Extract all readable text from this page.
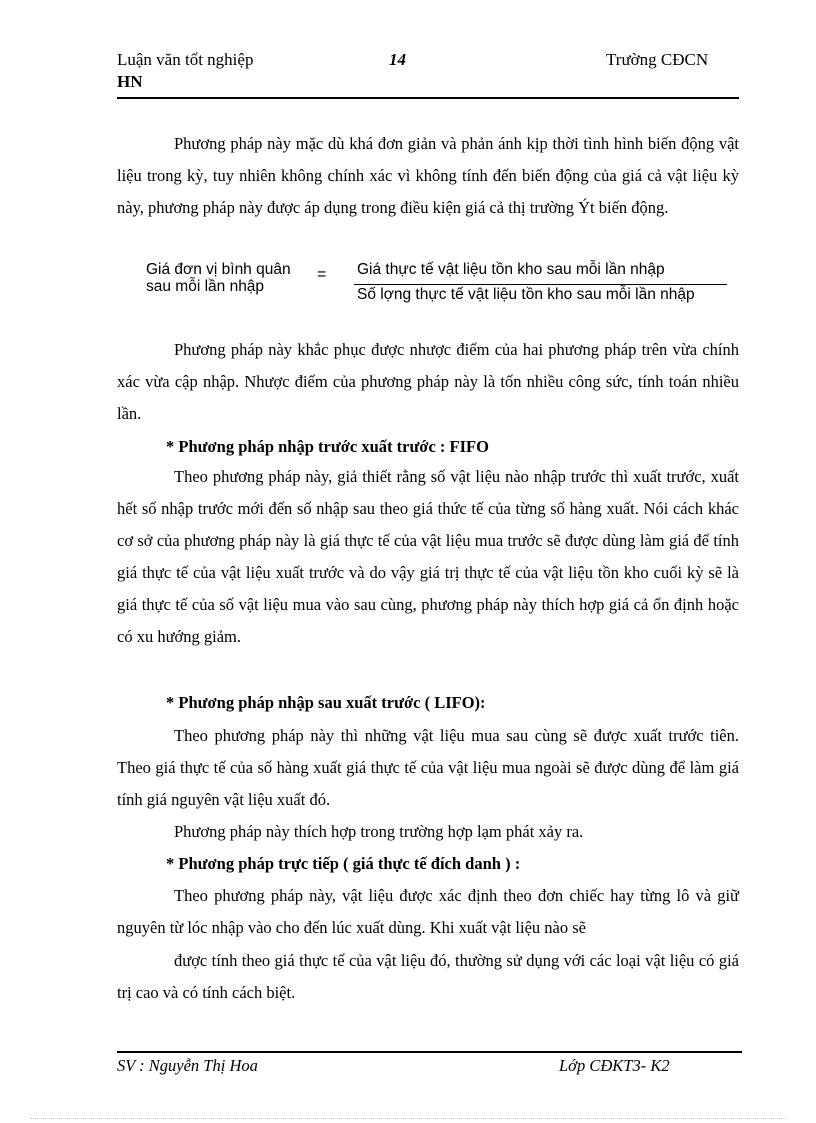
Luận văn tốt nghiệp
HN
14	Trường CĐCN
Phương pháp này mặc dù khá đơn giản và phản ánh kịp thời tình hình biến động vật liệu trong kỳ, tuy nhiên không chính xác vì không tính đến biến động của giá cả vật liệu kỳ này, phương pháp này được áp dụng trong điều kiện giá cả thị trường Ýt biến động.
Giá đơn vị bình quân sau mỗi lần nhập
= Giá thực tế vật liệu tồn kho sau mỗi lần nhập
Số lợng thực tế vật liệu tồn kho sau mỗi lần nhập
Phương pháp này khắc phục được nhược điểm của hai phương pháp trên vừa chính xác vừa cập nhập. Nhược điểm của phương pháp này là tốn nhiều công sức, tính toán nhiều lần.
* Phương pháp nhập trước xuất trước : FIFO
Theo phương pháp này, giả thiết rằng số vật liệu nào nhập trước thì xuất trước, xuất hết số nhập trước mới đến số nhập sau theo giá thức tế của từng số hàng xuất. Nói cách khác cơ sở của phương pháp này là giá thực tế của vật liệu mua trước sẽ được dùng làm giá để tính giá thực tế của vật liệu xuất trước và do vậy giá trị thực tế của vật liệu tồn kho cuối kỳ sẽ là giá thực tế của số vật liệu mua vào sau cùng, phương pháp này thích hợp giá cả ổn định hoặc có xu hướng giảm.
* Phương pháp nhập sau xuất trước ( LIFO):
Theo phương pháp này thì những vật liệu mua sau cùng sẽ được xuất trước tiên. Theo giá thực tế của số hàng xuất giá thực tế của vật liệu mua ngoài sẽ được dùng để làm giá tính giá nguyên vật liệu xuất đó.
Phương pháp này thích hợp trong trường hợp lạm phát xảy ra.
* Phương pháp trực tiếp ( giá thực tế đích danh ) :
Theo phương pháp này, vật liệu được xác định theo đơn chiếc hay từng lô và giữ nguyên từ lóc nhập vào cho đến lúc xuất dùng. Khi xuất vật liệu nào sẽ
được tính theo giá thực tế của vật liệu đó, thường sử dụng với các loại vật liệu có giá trị cao và có tính cách biệt.
SV : Nguyễn Thị Hoa	Lớp CĐKT3- K2
